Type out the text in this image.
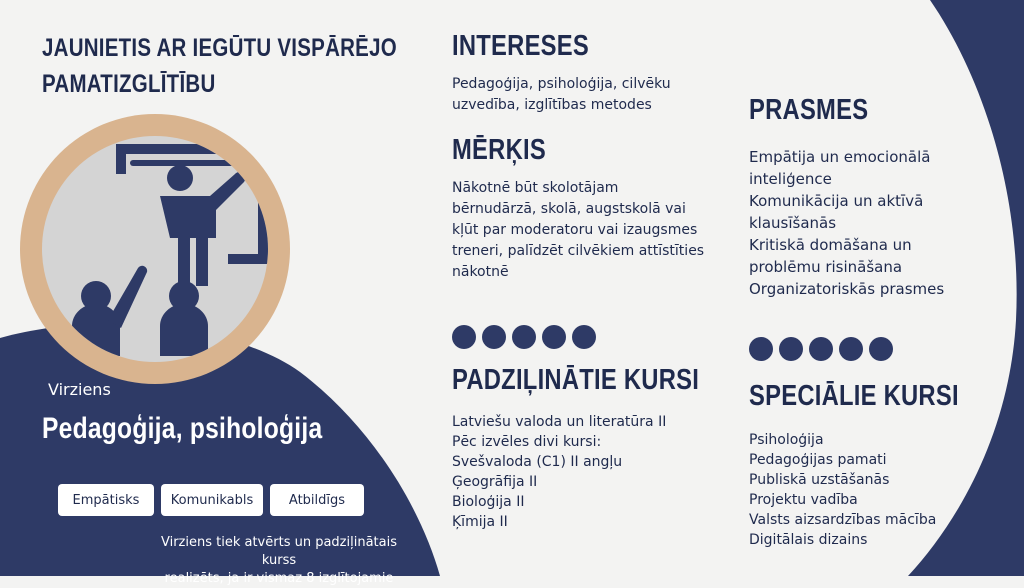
JAUNIETIS AR IEGŪTU VISPĀRĒJO
PAMATIZGLĪTĪBU
Virziens
Pedagoģija, psiholoģija
Empātisks	Komunikabls	Atbildīgs
Virziens tiek atvērts un padziļinātais kurss
realizēts, ja ir vismaz 8 izglītojamie
INTERESES
Pedagoģija, psiholoģija, cilvēku
uzvedība, izglītības metodes
MĒRĶIS
Nākotnē būt skolotājam
bērnudārzā, skolā, augstskolā vai
kļūt par moderatoru vai izaugsmes
treneri, palīdzēt cilvēkiem attīstīties
nākotnē
PRASMES
Empātija un emocionālā
inteliģence
Komunikācija un aktīvā
klausīšanās
Kritiskā domāšana un
problēmu risināšana
Organizatoriskās prasmes
PADZIĻINĀTIE KURSI
Latviešu valoda un literatūra II
Pēc izvēles divi kursi:
Svešvaloda (C1) II angļu
Ģeogrāfija II
Bioloģija II
Ķīmija II
SPECIĀLIE KURSI
Psiholoģija
Pedagoģijas pamati
Publiskā uzstāšanās
Projektu vadība
Valsts aizsardzības mācība
Digitālais dizains
